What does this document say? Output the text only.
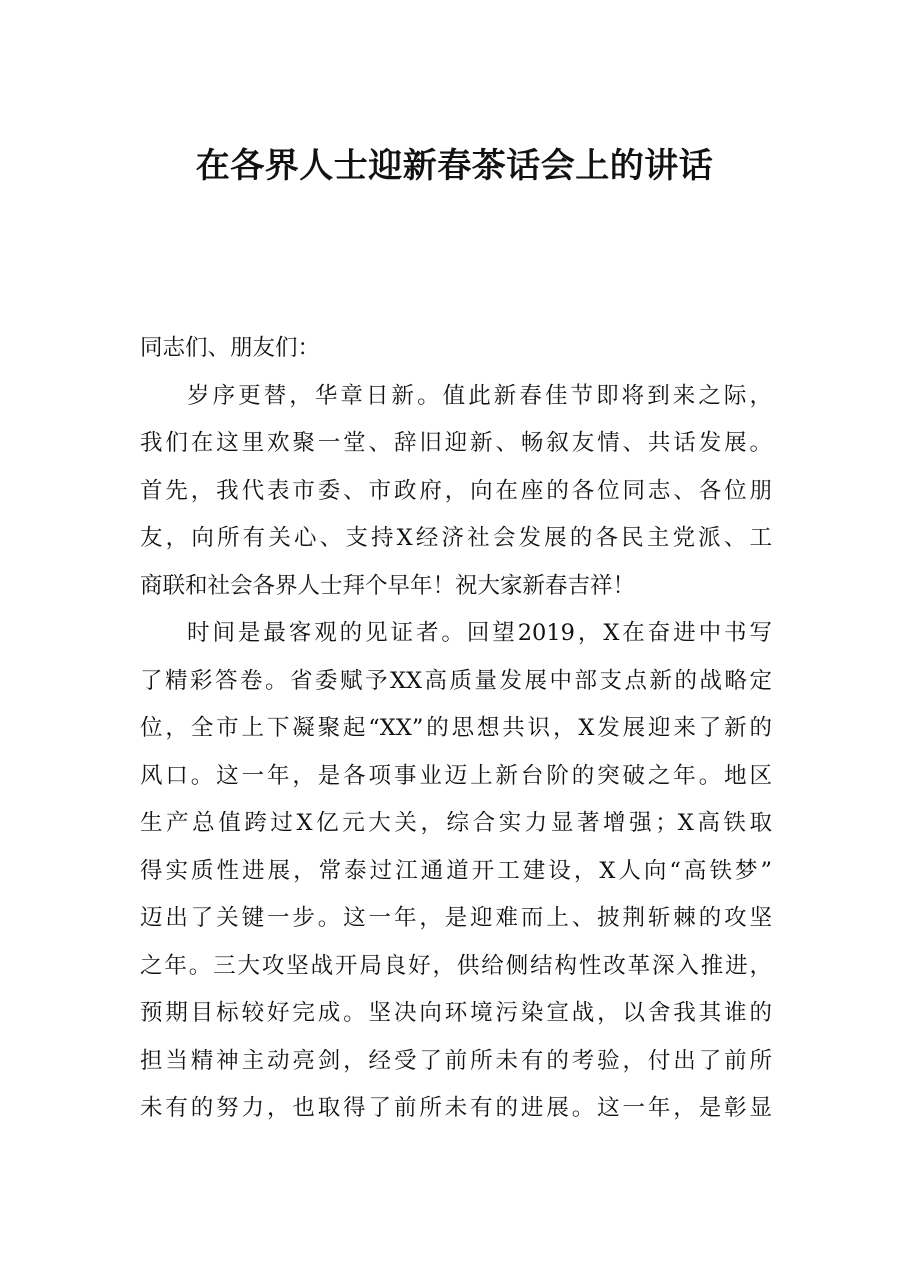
在各界人士迎新春茶话会上的讲话
同志们、朋友们：
岁序更替，华章日新。值此新春佳节即将到来之际，
我们在这里欢聚一堂、辞旧迎新、畅叙友情、共话发展。
首先，我代表市委、市政府，向在座的各位同志、各位朋
友，向所有关心、支持X经济社会发展的各民主党派、工
商联和社会各界人士拜个早年！祝大家新春吉祥！
时间是最客观的见证者。回望2019，X在奋进中书写
了精彩答卷。省委赋予XX高质量发展中部支点新的战略定
位，全市上下凝聚起“XX”的思想共识，X发展迎来了新的
风口。这一年，是各项事业迈上新台阶的突破之年。地区
生产总值跨过X亿元大关，综合实力显著增强；X高铁取
得实质性进展，常泰过江通道开工建设，X人向“高铁梦”
迈出了关键一步。这一年，是迎难而上、披荆斩棘的攻坚
之年。三大攻坚战开局良好，供给侧结构性改革深入推进，
预期目标较好完成。坚决向环境污染宣战，以舍我其谁的
担当精神主动亮剑，经受了前所未有的考验，付出了前所
未有的努力，也取得了前所未有的进展。这一年，是彰显
